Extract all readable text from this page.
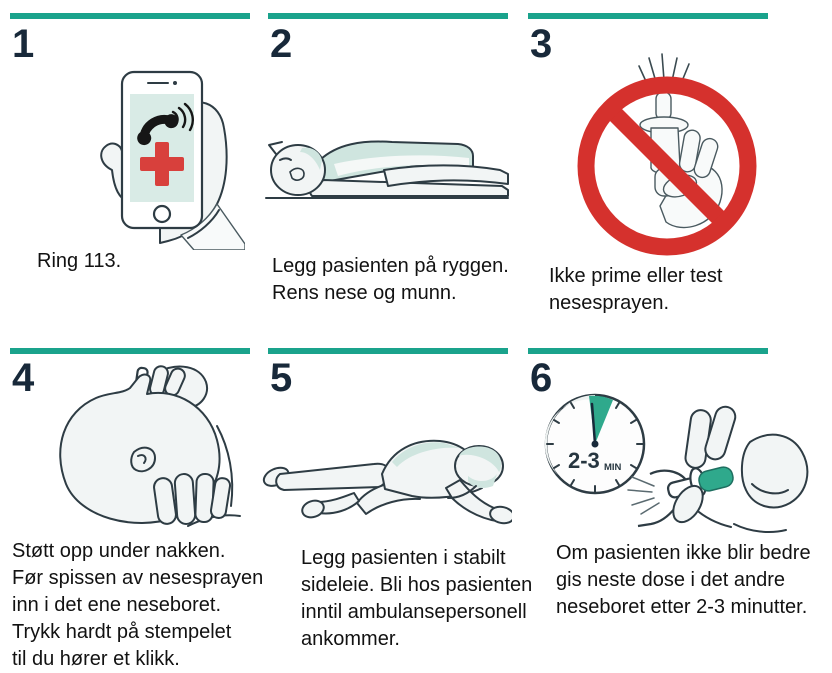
1
Ring 113.
2
Legg pasienten på ryggen.
Rens nese og munn.
3
Ikke prime eller test
nesesprayen.
4
Støtt opp under nakken.
Før spissen av nesesprayen
inn i det ene neseboret.
Trykk hardt på stempelet
til du hører et klikk.
5
Legg pasienten i stabilt
sideleie. Bli hos pasienten
inntil ambulansepersonell
ankommer.
6
2-3 MIN
Om pasienten ikke blir bedre
gis neste dose i det andre
neseboret etter 2-3 minutter.
